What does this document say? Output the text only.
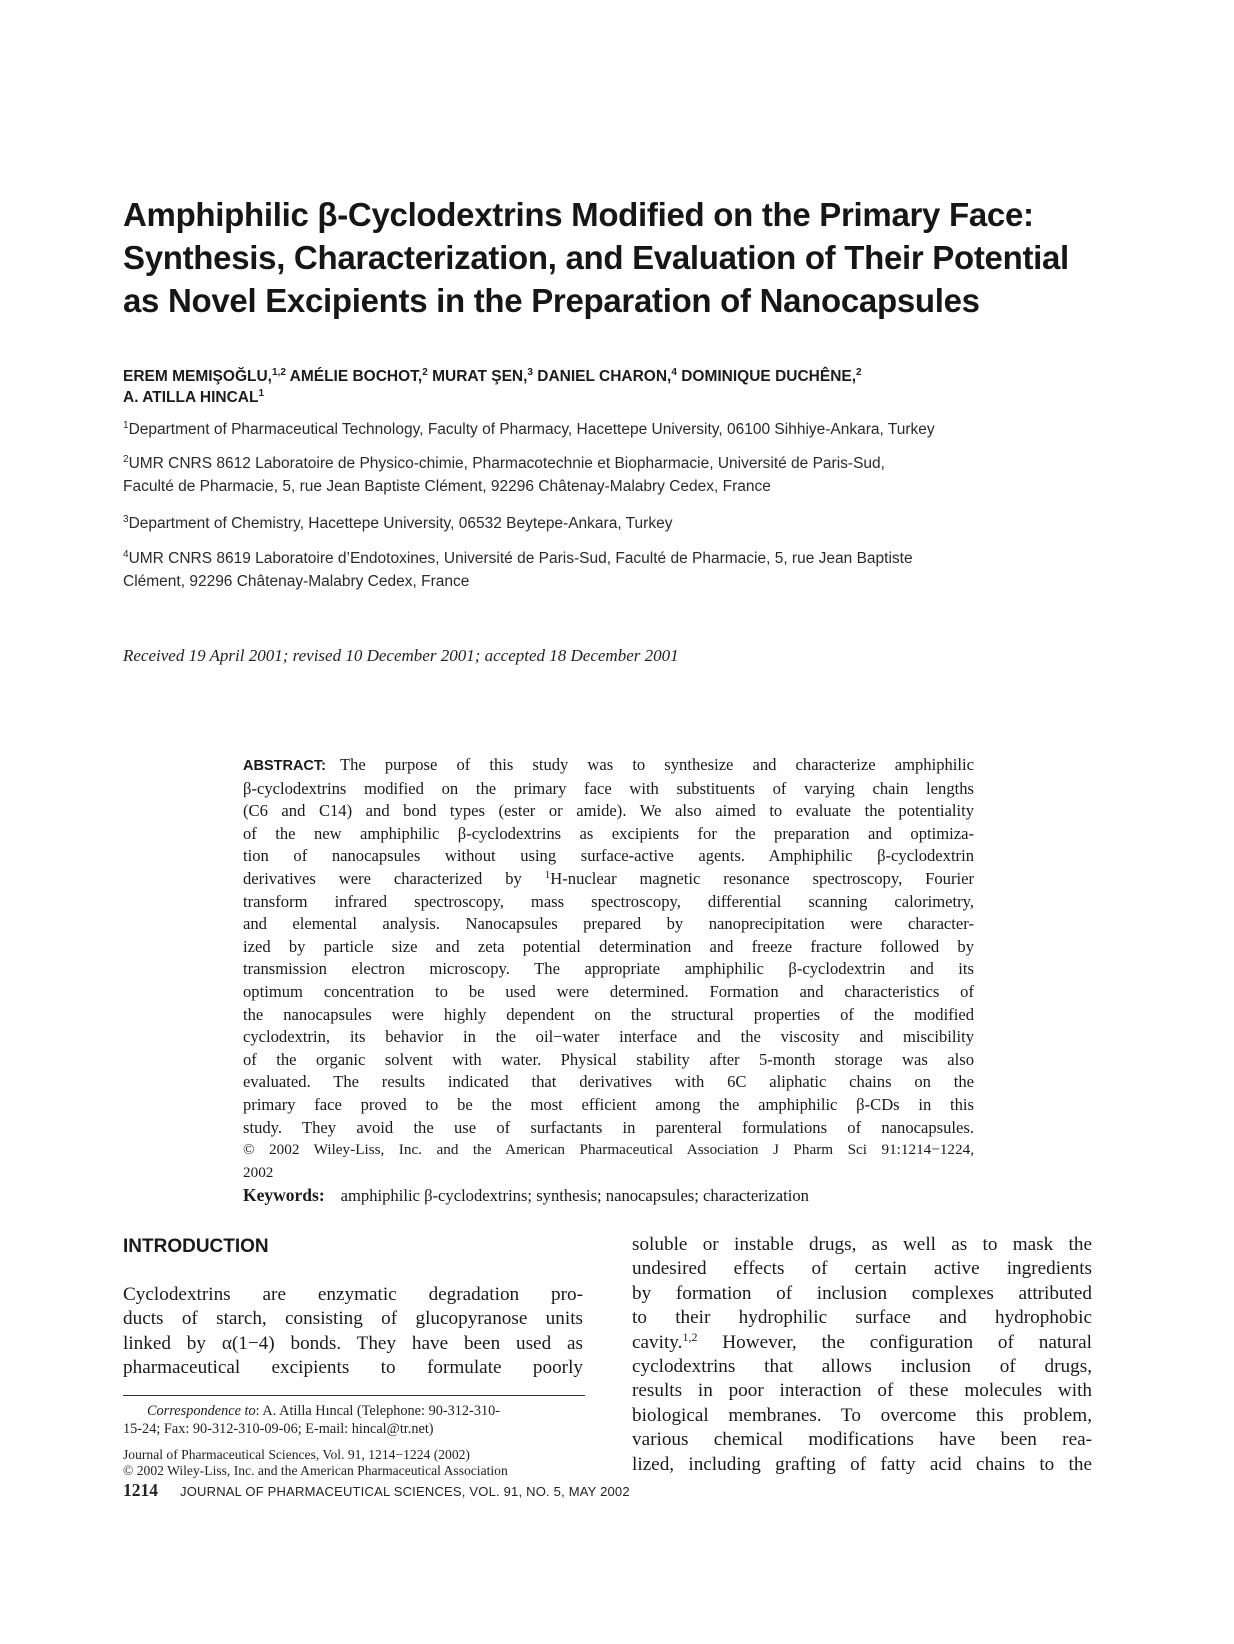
Amphiphilic β-Cyclodextrins Modified on the Primary Face:
Synthesis, Characterization, and Evaluation of Their Potential
as Novel Excipients in the Preparation of Nanocapsules
EREM MEMIŞOĞLU,$^{1,2}$ AMÉLIE BOCHOT,$^2$ MURAT ŞEN,$^3$ DANIEL CHARON,$^4$ DOMINIQUE DUCHÊNE,$^2$
A. ATILLA HINCAL$^1$
$^1$Department of Pharmaceutical Technology, Faculty of Pharmacy, Hacettepe University, 06100 Sihhiye-Ankara, Turkey
$^2$UMR CNRS 8612 Laboratoire de Physico-chimie, Pharmacotechnie et Biopharmacie, Université de Paris-Sud,
Faculté de Pharmacie, 5, rue Jean Baptiste Clément, 92296 Châtenay-Malabry Cedex, France
$^3$Department of Chemistry, Hacettepe University, 06532 Beytepe-Ankara, Turkey
$^4$UMR CNRS 8619 Laboratoire d’Endotoxines, Université de Paris-Sud, Faculté de Pharmacie, 5, rue Jean Baptiste
Clément, 92296 Châtenay-Malabry Cedex, France
Received 19 April 2001; revised 10 December 2001; accepted 18 December 2001
ABSTRACT: The purpose of this study was to synthesize and characterize amphiphilic
β-cyclodextrins modified on the primary face with substituents of varying chain lengths
(C6 and C14) and bond types (ester or amide). We also aimed to evaluate the potentiality
of the new amphiphilic β-cyclodextrins as excipients for the preparation and optimiza-
tion of nanocapsules without using surface-active agents. Amphiphilic β-cyclodextrin
derivatives were characterized by $^1$H-nuclear magnetic resonance spectroscopy, Fourier
transform infrared spectroscopy, mass spectroscopy, differential scanning calorimetry,
and elemental analysis. Nanocapsules prepared by nanoprecipitation were character-
ized by particle size and zeta potential determination and freeze fracture followed by
transmission electron microscopy. The appropriate amphiphilic β-cyclodextrin and its
optimum concentration to be used were determined. Formation and characteristics of
the nanocapsules were highly dependent on the structural properties of the modified
cyclodextrin, its behavior in the oil−water interface and the viscosity and miscibility
of the organic solvent with water. Physical stability after 5-month storage was also
evaluated. The results indicated that derivatives with 6C aliphatic chains on the
primary face proved to be the most efficient among the amphiphilic β-CDs in this
study. They avoid the use of surfactants in parenteral formulations of nanocapsules.
© 2002 Wiley-Liss, Inc. and the American Pharmaceutical Association J Pharm Sci 91:1214−1224,
2002
Keywords: amphiphilic β-cyclodextrins; synthesis; nanocapsules; characterization
INTRODUCTION
Cyclodextrins are enzymatic degradation pro-
ducts of starch, consisting of glucopyranose units
linked by α(1−4) bonds. They have been used as
pharmaceutical excipients to formulate poorly
soluble or instable drugs, as well as to mask the
undesired effects of certain active ingredients
by formation of inclusion complexes attributed
to their hydrophilic surface and hydrophobic
cavity.$^{1,2}$ However, the configuration of natural
cyclodextrins that allows inclusion of drugs,
results in poor interaction of these molecules with
biological membranes. To overcome this problem,
various chemical modifications have been rea-
lized, including grafting of fatty acid chains to the
Correspondence to: A. Atilla Hıncal (Telephone: 90-312-310-
15-24; Fax: 90-312-310-09-06; E-mail: hincal@tr.net)
Journal of Pharmaceutical Sciences, Vol. 91, 1214−1224 (2002)
© 2002 Wiley-Liss, Inc. and the American Pharmaceutical Association
1214 JOURNAL OF PHARMACEUTICAL SCIENCES, VOL. 91, NO. 5, MAY 2002
